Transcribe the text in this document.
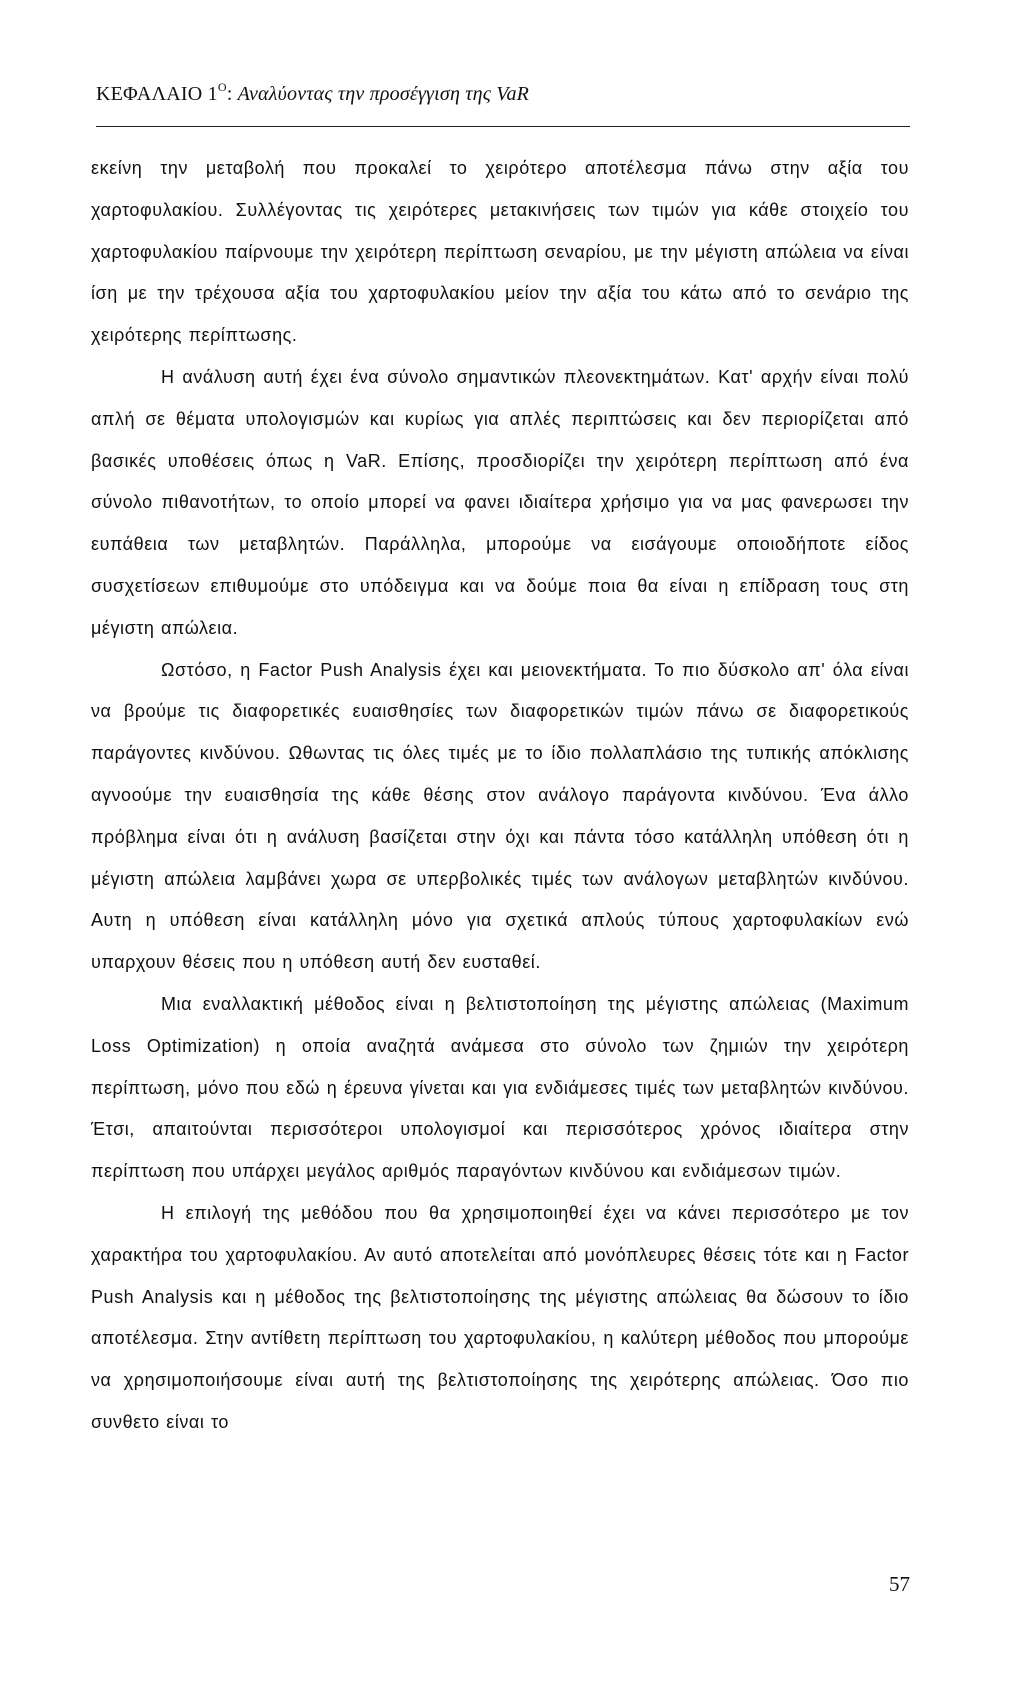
ΚΕΦΑΛΑΙΟ $1^O$: Αναλύοντας την προσέγγιση της VaR

εκείνη την μεταβολή που προκαλεί το χειρότερο αποτέλεσμα πάνω στην αξία του χαρτοφυλακίου. Συλλέγοντας τις χειρότερες μετακινήσεις των τιμών για κάθε στοιχείο του χαρτοφυλακίου παίρνουμε την χειρότερη περίπτωση σεναρίου, με την μέγιστη απώλεια να είναι ίση με την τρέχουσα αξία του χαρτοφυλακίου μείον την αξία του κάτω από το σενάριο της χειρότερης περίπτωσης.

Η ανάλυση αυτή έχει ένα σύνολο σημαντικών πλεονεκτημάτων. Κατ' αρχήν είναι πολύ απλή σε θέματα υπολογισμών και κυρίως για απλές περιπτώσεις και δεν περιορίζεται από βασικές υποθέσεις όπως η VaR. Επίσης, προσδιορίζει την χειρότερη περίπτωση από ένα σύνολο πιθανοτήτων, το οποίο μπορεί να φανει ιδιαίτερα χρήσιμο για να μας φανερωσει την ευπάθεια των μεταβλητών. Παράλληλα, μπορούμε να εισάγουμε οποιοδήποτε είδος συσχετίσεων επιθυμούμε στο υπόδειγμα και να δούμε ποια θα είναι η επίδραση τους στη μέγιστη απώλεια.

Ωστόσο, η Factor Push Analysis έχει και μειονεκτήματα. Το πιο δύσκολο απ' όλα είναι να βρούμε τις διαφορετικές ευαισθησίες των διαφορετικών τιμών πάνω σε διαφορετικούς παράγοντες κινδύνου. Ωθωντας τις όλες τιμές με το ίδιο πολλαπλάσιο της τυπικής απόκλισης αγνοούμε την ευαισθησία της κάθε θέσης στον ανάλογο παράγοντα κινδύνου. Ένα άλλο πρόβλημα είναι ότι η ανάλυση βασίζεται στην όχι και πάντα τόσο κατάλληλη υπόθεση ότι η μέγιστη απώλεια λαμβάνει χωρα σε υπερβολικές τιμές των ανάλογων μεταβλητών κινδύνου. Αυτη η υπόθεση είναι κατάλληλη μόνο για σχετικά απλούς τύπους χαρτοφυλακίων ενώ υπαρχουν θέσεις που η υπόθεση αυτή δεν ευσταθεί.

Μια εναλλακτική μέθοδος είναι η βελτιστοποίηση της μέγιστης απώλειας (Maximum Loss Optimization) η οποία αναζητά ανάμεσα στο σύνολο των ζημιών την χειρότερη περίπτωση, μόνο που εδώ η έρευνα γίνεται και για ενδιάμεσες τιμές των μεταβλητών κινδύνου. Έτσι, απαιτούνται περισσότεροι υπολογισμοί και περισσότερος χρόνος ιδιαίτερα στην περίπτωση που υπάρχει μεγάλος αριθμός παραγόντων κινδύνου και ενδιάμεσων τιμών.

Η επιλογή της μεθόδου που θα χρησιμοποιηθεί έχει να κάνει περισσότερο με τον χαρακτήρα του χαρτοφυλακίου. Αν αυτό αποτελείται από μονόπλευρες θέσεις τότε και η Factor Push Analysis και η μέθοδος της βελτιστοποίησης της μέγιστης απώλειας θα δώσουν το ίδιο αποτέλεσμα. Στην αντίθετη περίπτωση του χαρτοφυλακίου, η καλύτερη μέθοδος που μπορούμε να χρησιμοποιήσουμε είναι αυτή της βελτιστοποίησης της χειρότερης απώλειας. Όσο πιο συνθετο είναι το

57
